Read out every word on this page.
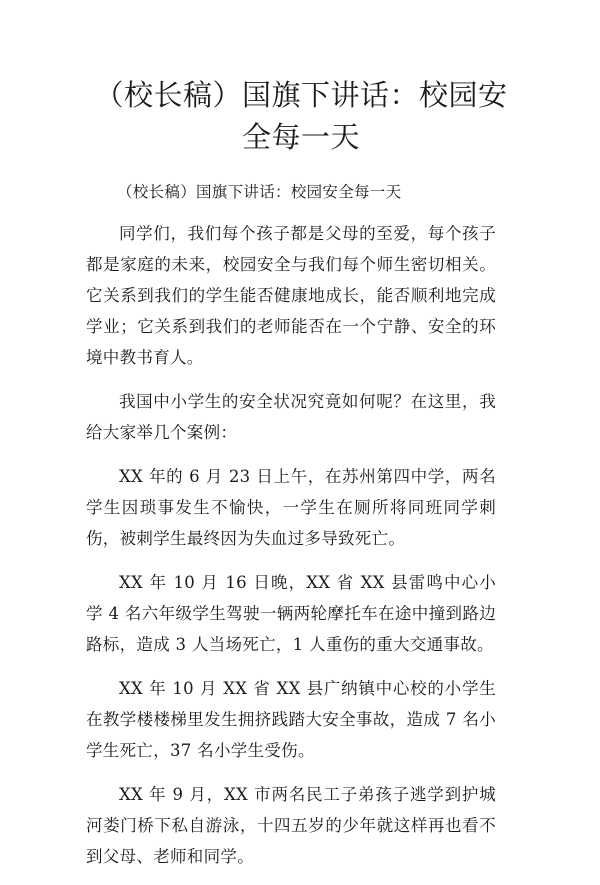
（校长稿）国旗下讲话：校园安全每一天

（校长稿）国旗下讲话：校园安全每一天

同学们，我们每个孩子都是父母的至爱，每个孩子都是家庭的未来，校园安全与我们每个师生密切相关。它关系到我们的学生能否健康地成长，能否顺利地完成学业；它关系到我们的老师能否在一个宁静、安全的环境中教书育人。

我国中小学生的安全状况究竟如何呢？在这里，我给大家举几个案例：

XX 年的 6 月 23 日上午，在苏州第四中学，两名学生因琐事发生不愉快，一学生在厕所将同班同学刺伤，被刺学生最终因为失血过多导致死亡。

XX 年 10 月 16 日晚，XX 省 XX 县雷鸣中心小学 4 名六年级学生驾驶一辆两轮摩托车在途中撞到路边路标，造成 3 人当场死亡，1 人重伤的重大交通事故。

XX 年 10 月 XX 省 XX 县广纳镇中心校的小学生在教学楼楼梯里发生拥挤践踏大安全事故，造成 7 名小学生死亡，37 名小学生受伤。

XX 年 9 月，XX 市两名民工子弟孩子逃学到护城河娄门桥下私自游泳，十四五岁的少年就这样再也看不到父母、老师和同学。
